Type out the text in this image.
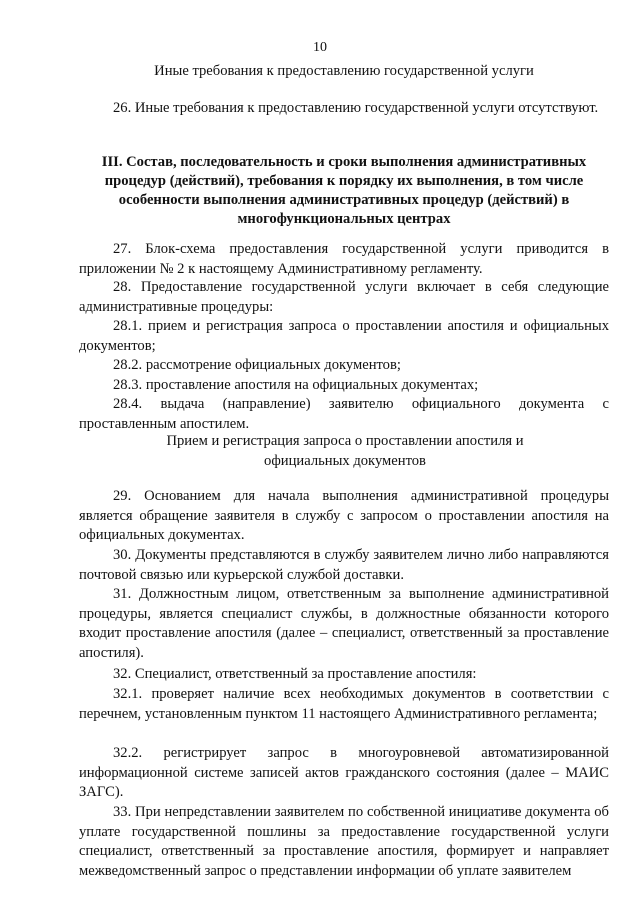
10
Иные требования к предоставлению государственной услуги

26. Иные требования к предоставлению государственной услуги отсутствуют.

III. Состав, последовательность и сроки выполнения административных процедур (действий), требования к порядку их выполнения, в том числе особенности выполнения административных процедур (действий) в многофункциональных центрах

27. Блок-схема предоставления государственной услуги приводится в приложении № 2 к настоящему Административному регламенту.

28. Предоставление государственной услуги включает в себя следующие административные процедуры:

28.1. прием и регистрация запроса о проставлении апостиля и официальных документов;

28.2. рассмотрение официальных документов;

28.3. проставление апостиля на официальных документах;

28.4. выдача (направление) заявителю официального документа с проставленным апостилем.

Прием и регистрация запроса о проставлении апостиля и официальных документов

29. Основанием для начала выполнения административной процедуры является обращение заявителя в службу с запросом о проставлении апостиля на официальных документах.

30. Документы представляются в службу заявителем лично либо направляются почтовой связью или курьерской службой доставки.

31. Должностным лицом, ответственным за выполнение административной процедуры, является специалист службы, в должностные обязанности которого входит проставление апостиля (далее – специалист, ответственный за проставление апостиля).

32. Специалист, ответственный за проставление апостиля:

32.1. проверяет наличие всех необходимых документов в соответствии с перечнем, установленным пунктом 11 настоящего Административного регламента;

32.2. регистрирует запрос в многоуровневой автоматизированной информационной системе записей актов гражданского состояния (далее – МАИС ЗАГС).

33. При непредставлении заявителем по собственной инициативе документа об уплате государственной пошлины за предоставление государственной услуги специалист, ответственный за проставление апостиля, формирует и направляет межведомственный запрос о представлении информации об уплате заявителем
